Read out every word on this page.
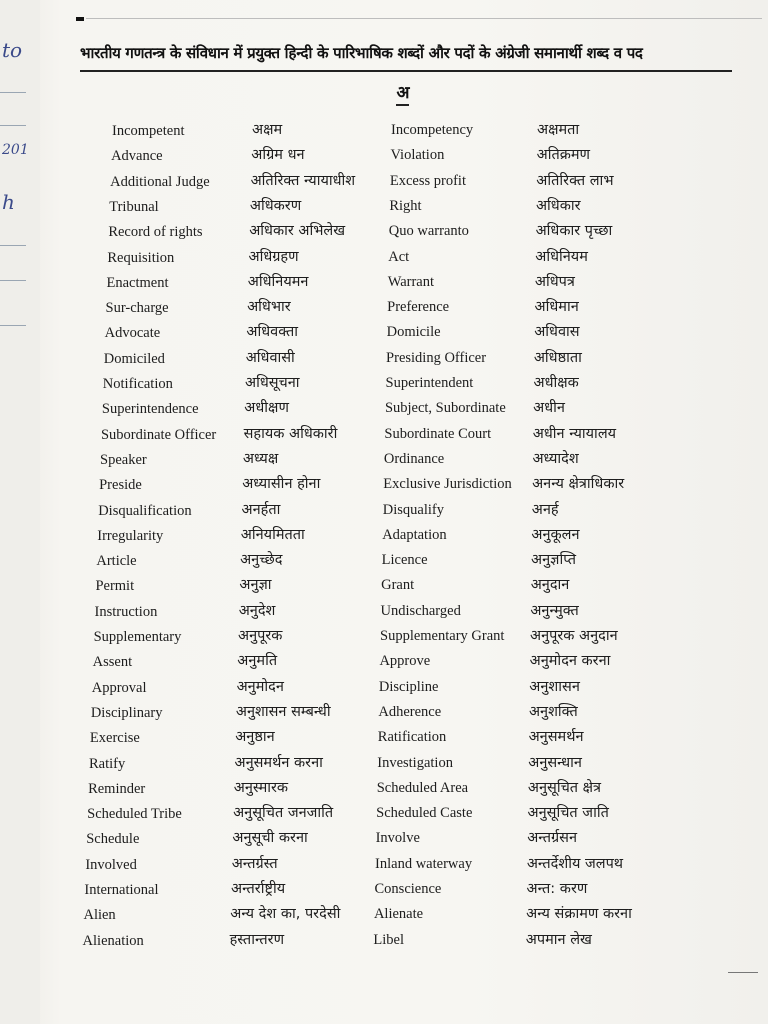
to
201
h
भारतीय गणतन्त्र के संविधान में प्रयुक्त हिन्दी के पारिभाषिक शब्दों और पदों के अंग्रेजी समानार्थी शब्द व पद
अ
Incompetent	अक्षम	Incompetency	अक्षमता
Advance	अग्रिम धन	Violation	अतिक्रमण
Additional Judge	अतिरिक्त न्यायाधीश Excess profit	अतिरिक्त लाभ
Tribunal	अधिकरण	Right	अधिकार
Record of rights	अधिकार अभिलेख	Quo warranto	अधिकार पृच्छा
Requisition	अधिग्रहण	Act	अधिनियम
Enactment	अधिनियमन	Warrant	अधिपत्र
Sur-charge	अधिभार	Preference	अधिमान
Advocate	अधिवक्ता	Domicile	अधिवास
Domiciled	अधिवासी	Presiding Officer	अधिष्ठाता
Notification	अधिसूचना	Superintendent	अधीक्षक
Superintendence	अधीक्षण	Subject, Subordinate अधीन
Subordinate Officer सहायक अधिकारी	Subordinate Court	अधीन न्यायालय
Speaker	अध्यक्ष	Ordinance	अध्यादेश
Preside	अध्यासीन होना	Exclusive Jurisdiction अनन्य क्षेत्राधिकार
Disqualification	अनर्हता	Disqualify	अनर्ह
Irregularity	अनियमितता	Adaptation	अनुकूलन
Article	अनुच्छेद	Licence	अनुज्ञप्ति
Permit	अनुज्ञा	Grant	अनुदान
Instruction	अनुदेश	Undischarged	अनुन्मुक्त
Supplementary	अनुपूरक	Supplementary Grant अनुपूरक अनुदान
Assent	अनुमति	Approve	अनुमोदन करना
Approval	अनुमोदन	Discipline	अनुशासन
Disciplinary	अनुशासन सम्बन्धी	Adherence	अनुशक्ति
Exercise	अनुष्ठान	Ratification	अनुसमर्थन
Ratify	अनुसमर्थन करना	Investigation	अनुसन्धान
Reminder	अनुस्मारक	Scheduled Area	अनुसूचित क्षेत्र
Scheduled Tribe	अनुसूचित जनजाति	Scheduled Caste	अनुसूचित जाति
Schedule	अनुसूची करना	Involve	अन्तर्ग्रसन
Involved	अन्तर्ग्रस्त	Inland waterway	अन्तर्देशीय जलपथ
International	अन्तर्राष्ट्रीय	Conscience	अन्त: करण
Alien	अन्य देश का, परदेसी Alienate	अन्य संक्रामण करना
Alienation	हस्तान्तरण	Libel	अपमान लेख
